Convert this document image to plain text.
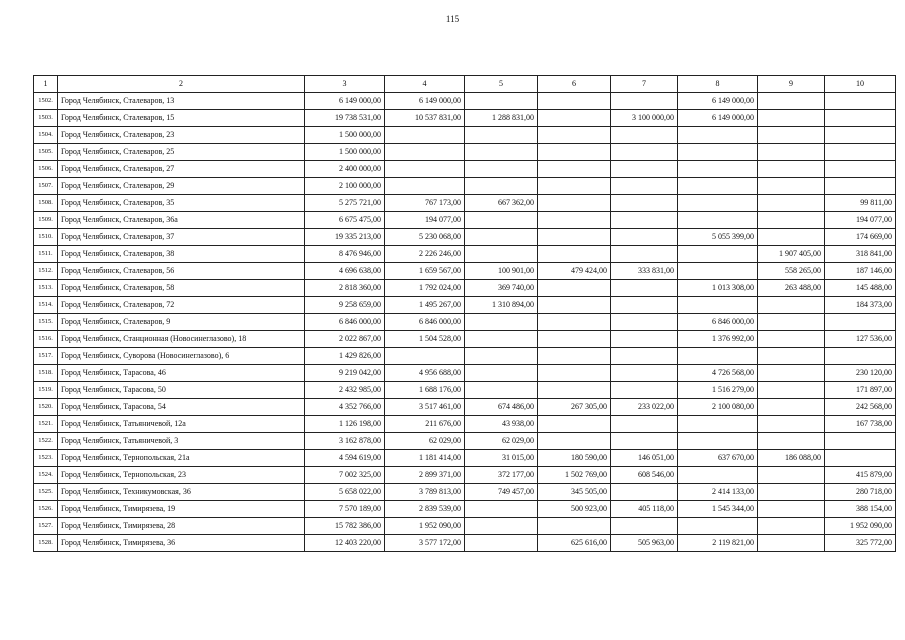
115
1	2	3	4	5	6	7	8	9	10
1502.	Город Челябинск, Сталеваров, 13	6 149 000,00	6 149 000,00				6 149 000,00		
1503.	Город Челябинск, Сталеваров, 15	19 738 531,00	10 537 831,00	1 288 831,00		3 100 000,00	6 149 000,00		
1504.	Город Челябинск, Сталеваров, 23	1 500 000,00							
1505.	Город Челябинск, Сталеваров, 25	1 500 000,00							
1506.	Город Челябинск, Сталеваров, 27	2 400 000,00							
1507.	Город Челябинск, Сталеваров, 29	2 100 000,00							
1508.	Город Челябинск, Сталеваров, 35	5 275 721,00	767 173,00	667 362,00					99 811,00
1509.	Город Челябинск, Сталеваров, 36а	6 675 475,00	194 077,00						194 077,00
1510.	Город Челябинск, Сталеваров, 37	19 335 213,00	5 230 068,00				5 055 399,00		174 669,00
1511.	Город Челябинск, Сталеваров, 38	8 476 946,00	2 226 246,00					1 907 405,00	318 841,00
1512.	Город Челябинск, Сталеваров, 56	4 696 638,00	1 659 567,00	100 901,00	479 424,00	333 831,00		558 265,00	187 146,00
1513.	Город Челябинск, Сталеваров, 58	2 818 360,00	1 792 024,00	369 740,00			1 013 308,00	263 488,00	145 488,00
1514.	Город Челябинск, Сталеваров, 72	9 258 659,00	1 495 267,00	1 310 894,00					184 373,00
1515.	Город Челябинск, Сталеваров, 9	6 846 000,00	6 846 000,00				6 846 000,00		
1516.	Город Челябинск, Станционная (Новосинеглазово), 18	2 022 867,00	1 504 528,00				1 376 992,00		127 536,00
1517.	Город Челябинск, Суворова (Новосинеглазово), 6	1 429 826,00							
1518.	Город Челябинск, Тарасова, 46	9 219 042,00	4 956 688,00				4 726 568,00		230 120,00
1519.	Город Челябинск, Тарасова, 50	2 432 985,00	1 688 176,00				1 516 279,00		171 897,00
1520.	Город Челябинск, Тарасова, 54	4 352 766,00	3 517 461,00	674 486,00	267 305,00	233 022,00	2 100 080,00		242 568,00
1521.	Город Челябинск, Татьяничевой, 12а	1 126 198,00	211 676,00	43 938,00					167 738,00
1522.	Город Челябинск, Татьяничевой, 3	3 162 878,00	62 029,00	62 029,00					
1523.	Город Челябинск, Тернопольская, 21а	4 594 619,00	1 181 414,00	31 015,00	180 590,00	146 051,00	637 670,00	186 088,00	
1524.	Город Челябинск, Тернопольская, 23	7 002 325,00	2 899 371,00	372 177,00	1 502 769,00	608 546,00			415 879,00
1525.	Город Челябинск, Техникумовская, 36	5 658 022,00	3 789 813,00	749 457,00	345 505,00		2 414 133,00		280 718,00
1526.	Город Челябинск, Тимирязева, 19	7 570 189,00	2 839 539,00		500 923,00	405 118,00	1 545 344,00		388 154,00
1527.	Город Челябинск, Тимирязева, 28	15 782 386,00	1 952 090,00						1 952 090,00
1528.	Город Челябинск, Тимирязева, 36	12 403 220,00	3 577 172,00		625 616,00	505 963,00	2 119 821,00		325 772,00
